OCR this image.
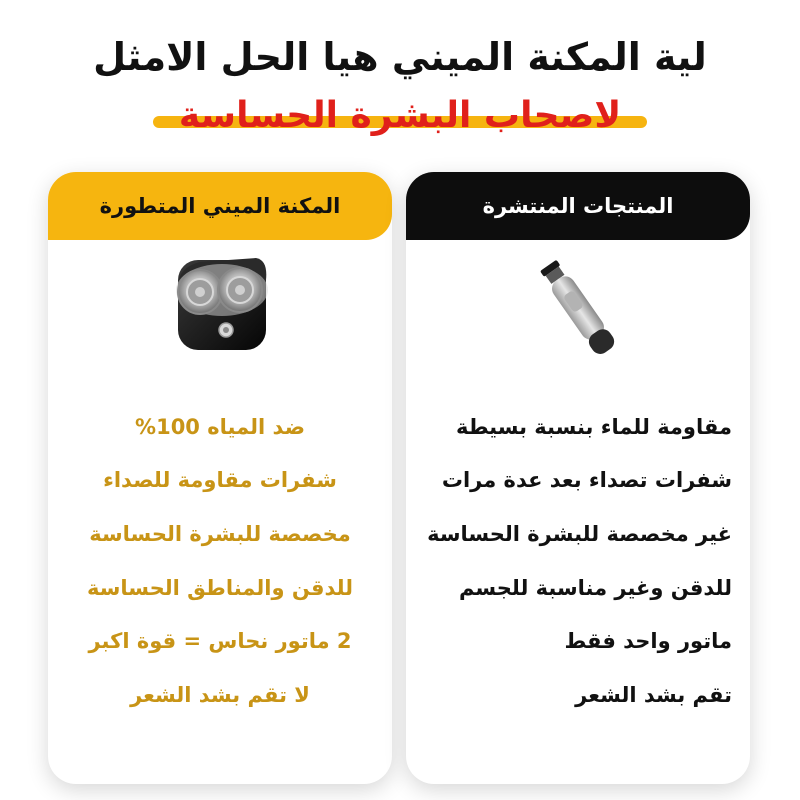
لية المكنة الميني هيا الحل الامثل
لاصحاب البشرة الحساسة
المكنة الميني المتطورة
ضد المياه 100%
شفرات مقاومة للصداء
مخصصة للبشرة الحساسة
للدقن والمناطق الحساسة
2 ماتور نحاس = قوة اكبر
لا تقم بشد الشعر
المنتجات المنتشرة
مقاومة للماء بنسبة بسيطة
شفرات تصداء بعد عدة مرات
غير مخصصة للبشرة الحساسة
للدقن وغير مناسبة للجسم
ماتور واحد فقط
تقم بشد الشعر
